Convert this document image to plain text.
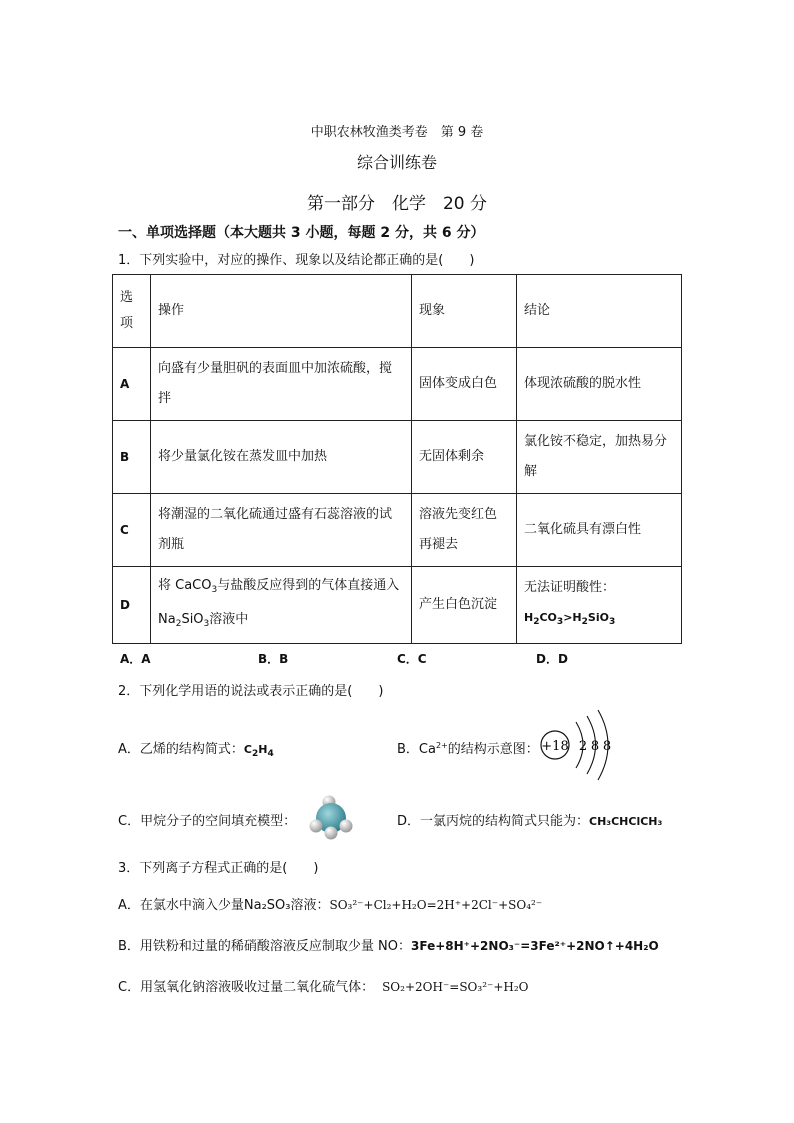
中职农林牧渔类考卷　第 9 卷
综合训练卷
第一部分　化学　20 分
一、单项选择题（本大题共 3 小题，每题 2 分，共 6 分）
1．下列实验中，对应的操作、现象以及结论都正确的是(　　)
选项	操作	现象	结论
A	向盛有少量胆矾的表面皿中加浓硫酸，搅拌	固体变成白色	体现浓硫酸的脱水性
B	将少量氯化铵在蒸发皿中加热	无固体剩余	氯化铵不稳定，加热易分解
C	将潮湿的二氧化硫通过盛有石蕊溶液的试剂瓶	溶液先变红色再褪去	二氧化硫具有漂白性
D	将 CaCO$_3$与盐酸反应得到的气体直接通入 $Na_2SiO_3$溶液中	产生白色沉淀	无法证明酸性：
$H_2CO_3>H_2SiO_3$
A．A	B．B	C．C	D．D
2．下列化学用语的说法或表示正确的是(　　)
A．乙烯的结构简式：$C_2H_4$	B．$Ca^{2+}$的结构示意图： +18 2 8 8
C．甲烷分子的空间填充模型：	D．一氯丙烷的结构简式只能为：CH₃CHClCH₃
3．下列离子方程式正确的是(　　)
A．在氯水中滴入少量Na₂SO₃溶液：SO₃²⁻+Cl₂+H₂O=2H⁺+2Cl⁻+SO₄²⁻
B．用铁粉和过量的稀硝酸溶液反应制取少量 NO：3Fe+8H⁺+2NO₃⁻=3Fe²⁺+2NO↑+4H₂O
C．用氢氧化钠溶液吸收过量二氧化硫气体： SO₂+2OH⁻=SO₃²⁻+H₂O
